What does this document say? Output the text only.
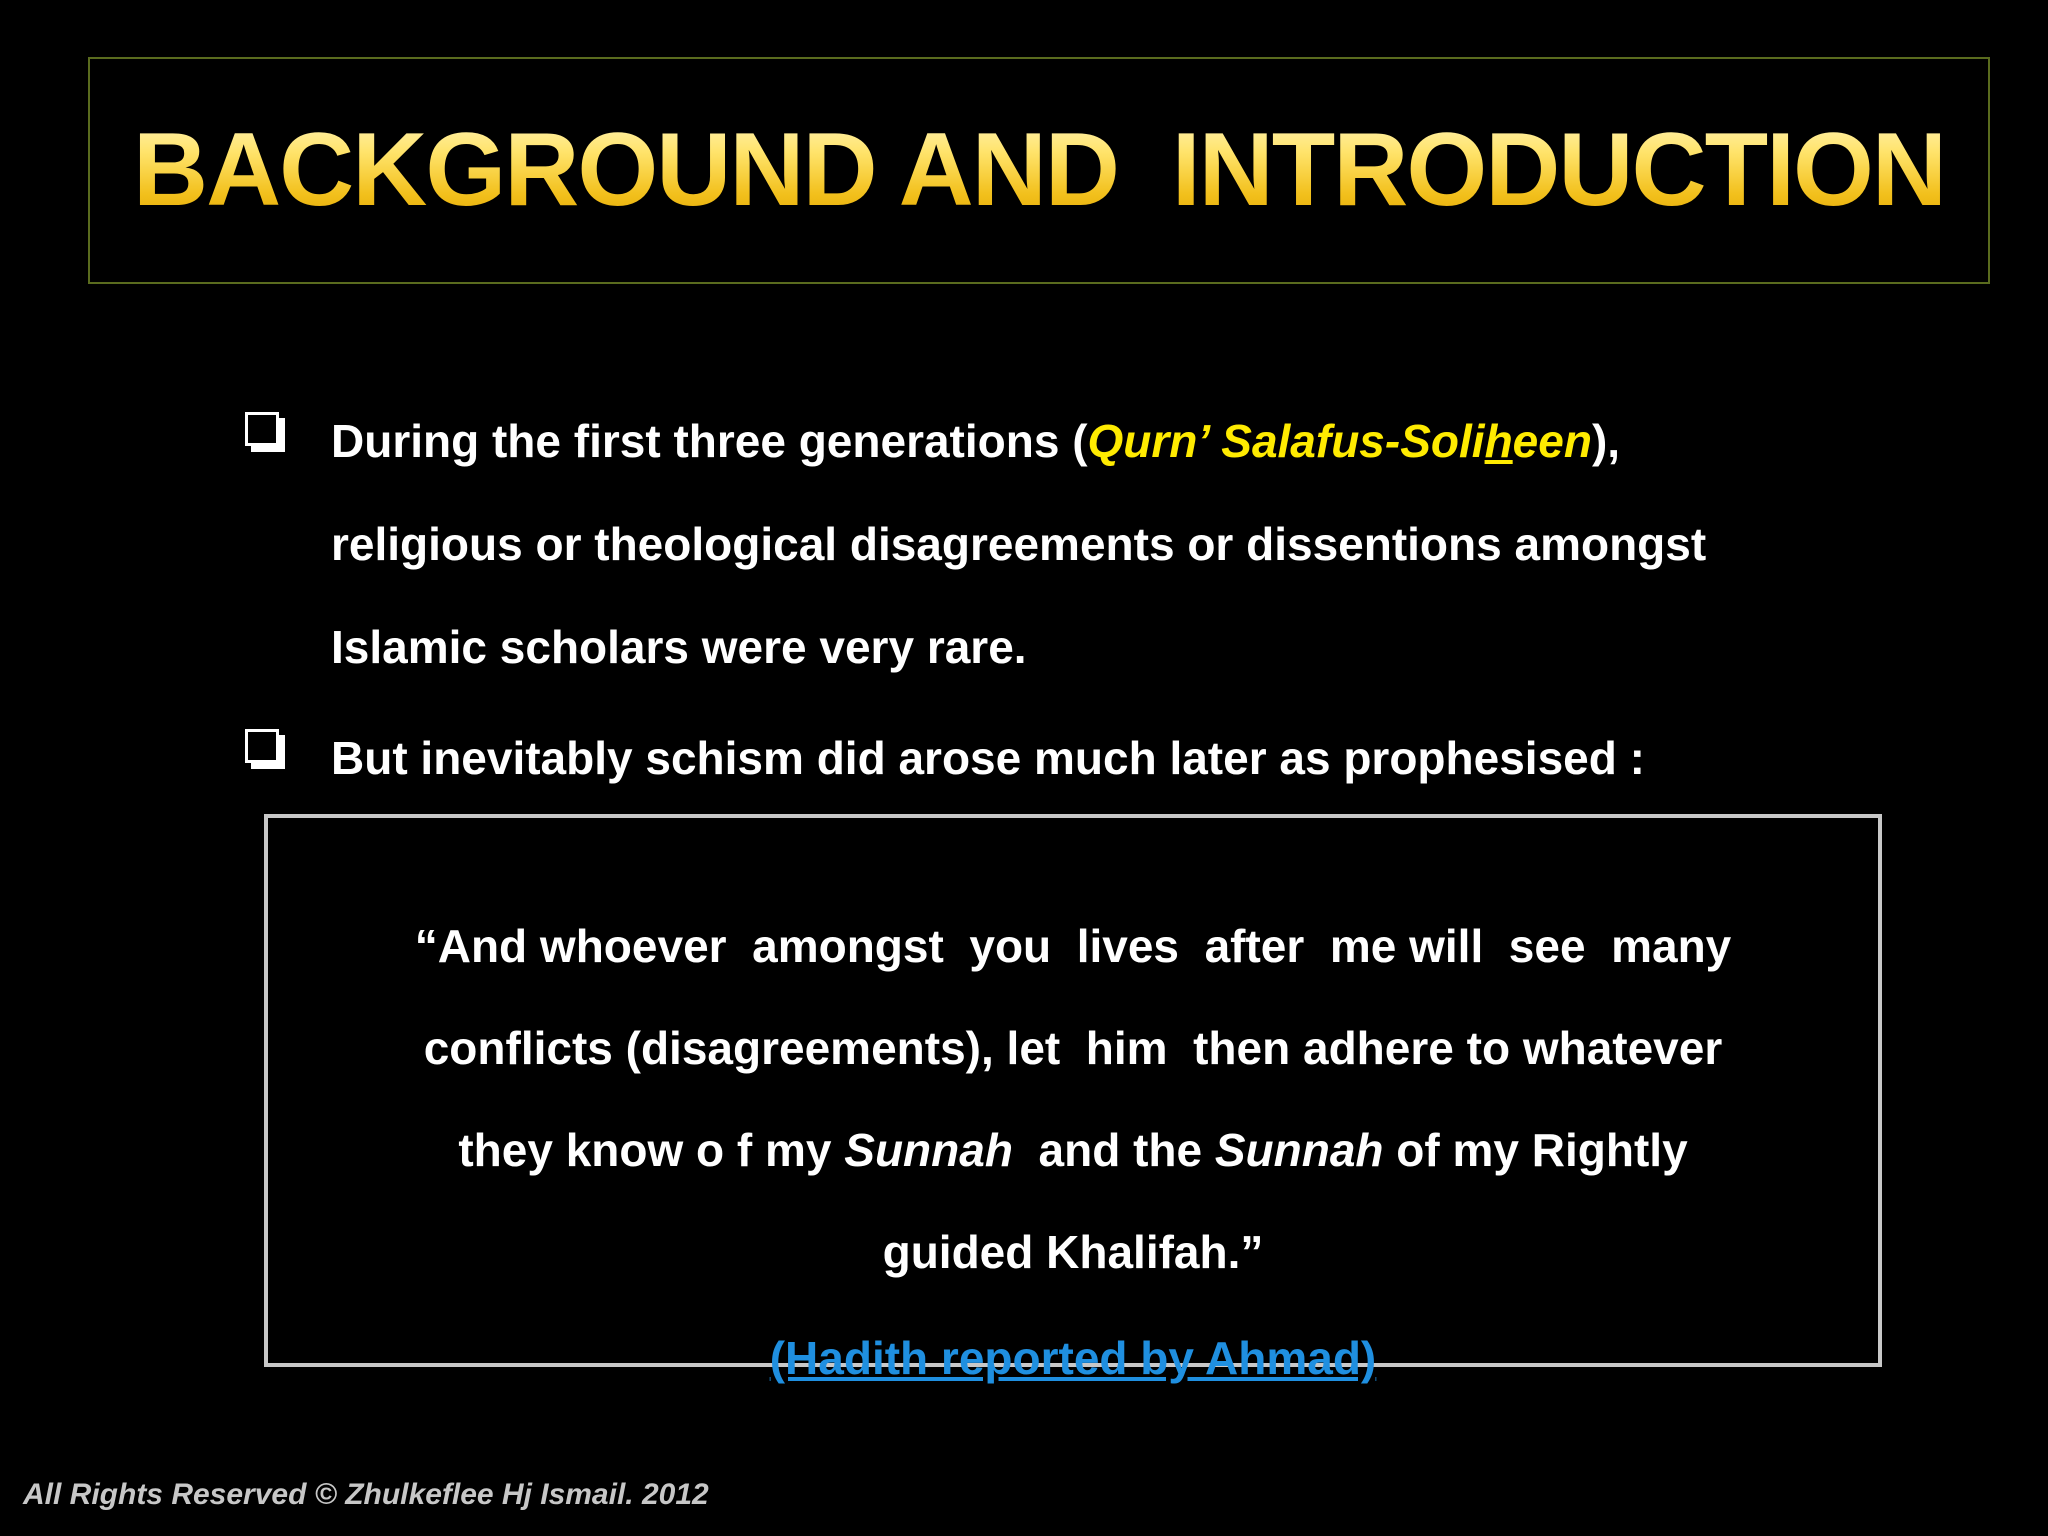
BACKGROUND AND  INTRODUCTION
During the first three generations (Qurn’ Salafus-Soliheen),
religious or theological disagreements or dissentions amongst
Islamic scholars were very rare.
But inevitably schism did arose much later as prophesised :
“And whoever  amongst  you  lives  after  me will  see  many
conflicts (disagreements), let  him  then adhere to whatever
they know o f my Sunnah  and the Sunnah of my Rightly
guided Khalifah.”
(Hadith reported by Ahmad)
All Rights Reserved © Zhulkeflee Hj Ismail. 2012
